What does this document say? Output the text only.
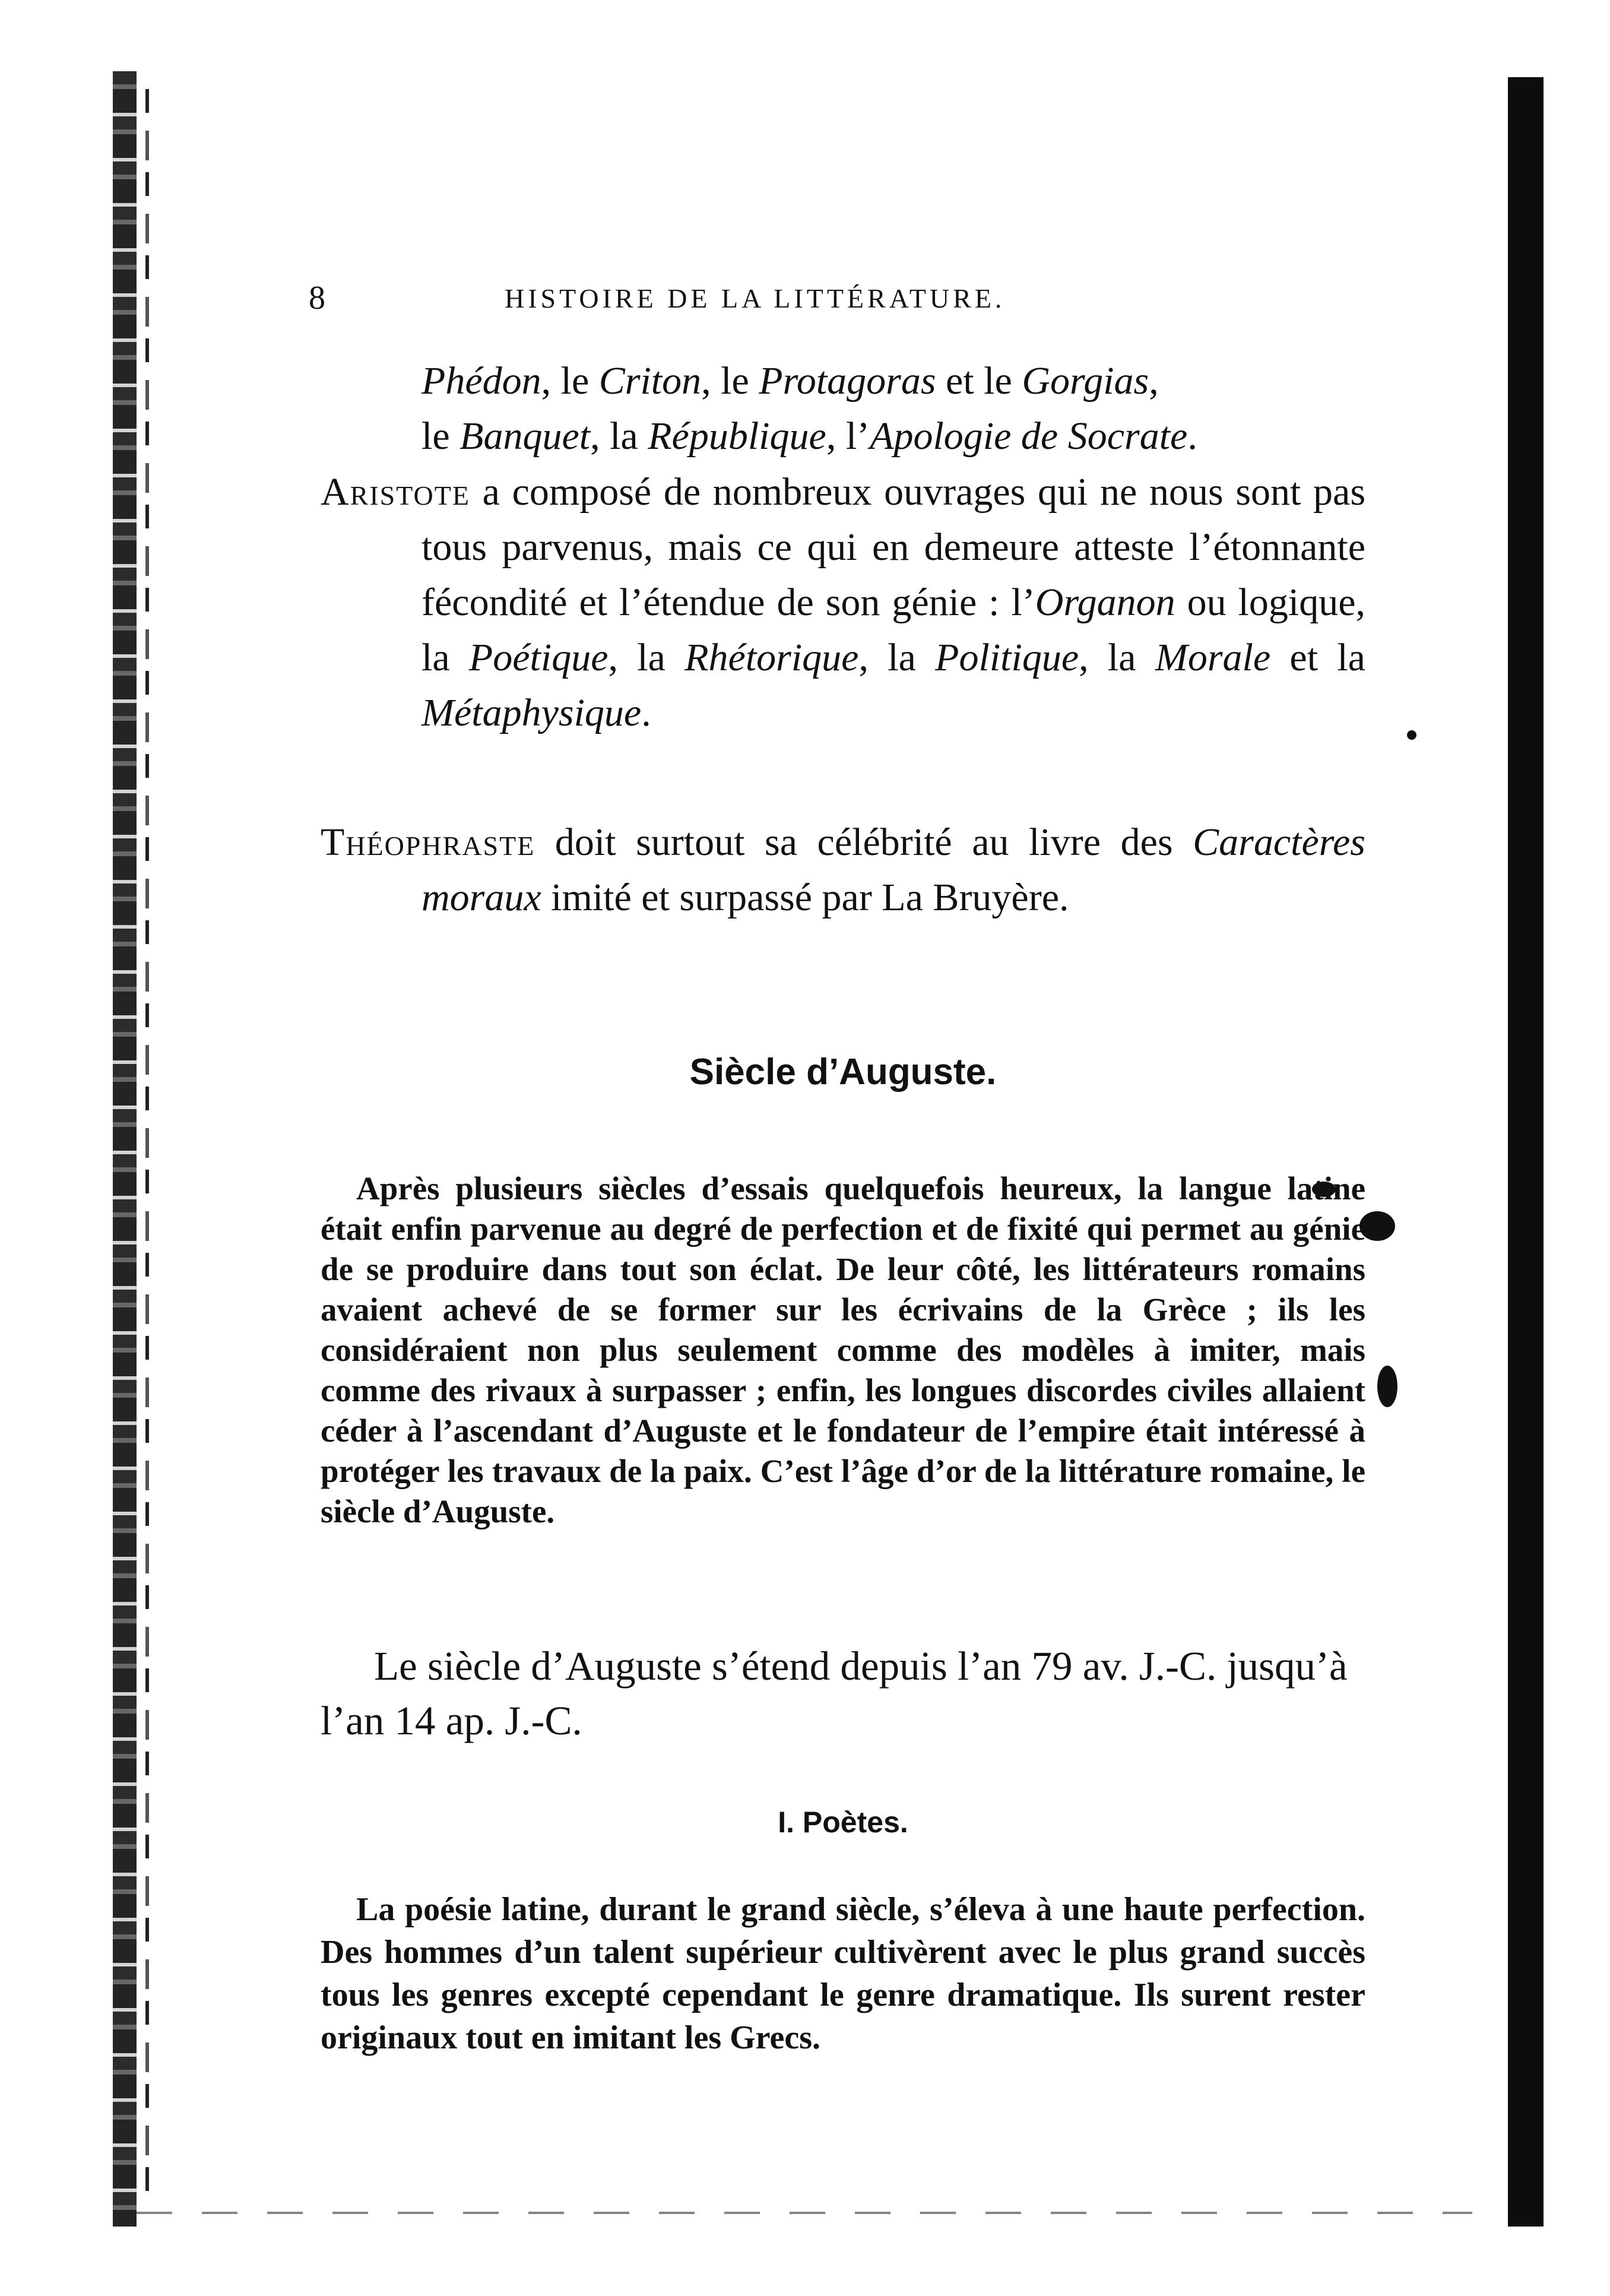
8	HISTOIRE DE LA LITTÉRATURE.
Phédon, le Criton, le Protagoras et le Gorgias,
le Banquet, la République, l’Apologie de Socrate.
Aristote a composé de nombreux ouvrages qui ne nous sont pas tous parvenus, mais ce qui en demeure atteste l’étonnante fécondité et l’étendue de son génie : l’Organon ou logique, la Poétique, la Rhétorique, la Politique, la Morale et la Métaphysique.
Théophraste doit surtout sa célébrité au livre des Caractères moraux imité et surpassé par La Bruyère.
Siècle d’Auguste.
Après plusieurs siècles d’essais quelquefois heureux, la langue latine était enfin parvenue au degré de perfection et de fixité qui permet au génie de se produire dans tout son éclat. De leur côté, les littérateurs romains avaient achevé de se former sur les écrivains de la Grèce ; ils les considéraient non plus seulement comme des modèles à imiter, mais comme des rivaux à surpasser ; enfin, les longues discordes civiles allaient céder à l’ascendant d’Auguste et le fondateur de l’empire était intéressé à protéger les travaux de la paix. C’est l’âge d’or de la littérature romaine, le siècle d’Auguste.
Le siècle d’Auguste s’étend depuis l’an 79 av. J.-C. jusqu’à l’an 14 ap. J.-C.
I. Poètes.
La poésie latine, durant le grand siècle, s’éleva à une haute perfection. Des hommes d’un talent supérieur cultivèrent avec le plus grand succès tous les genres excepté cependant le genre dramatique. Ils surent rester originaux tout en imitant les Grecs.
